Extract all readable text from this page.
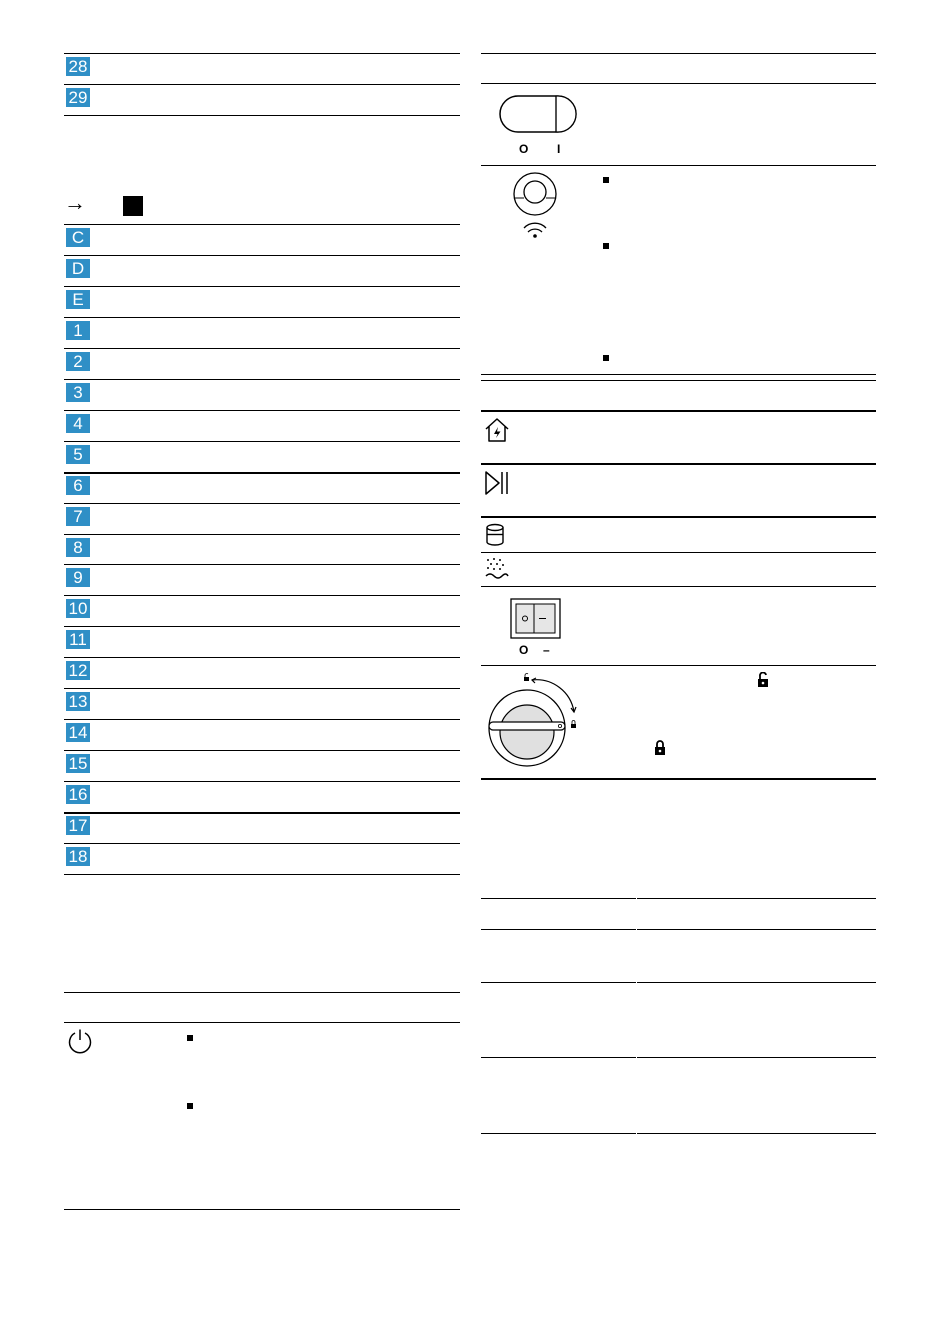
28
29
→
C
D
E
1
2
3
4
5
6
7
8
9
10
11
12
13
14
15
16
17
18
O I
O –
